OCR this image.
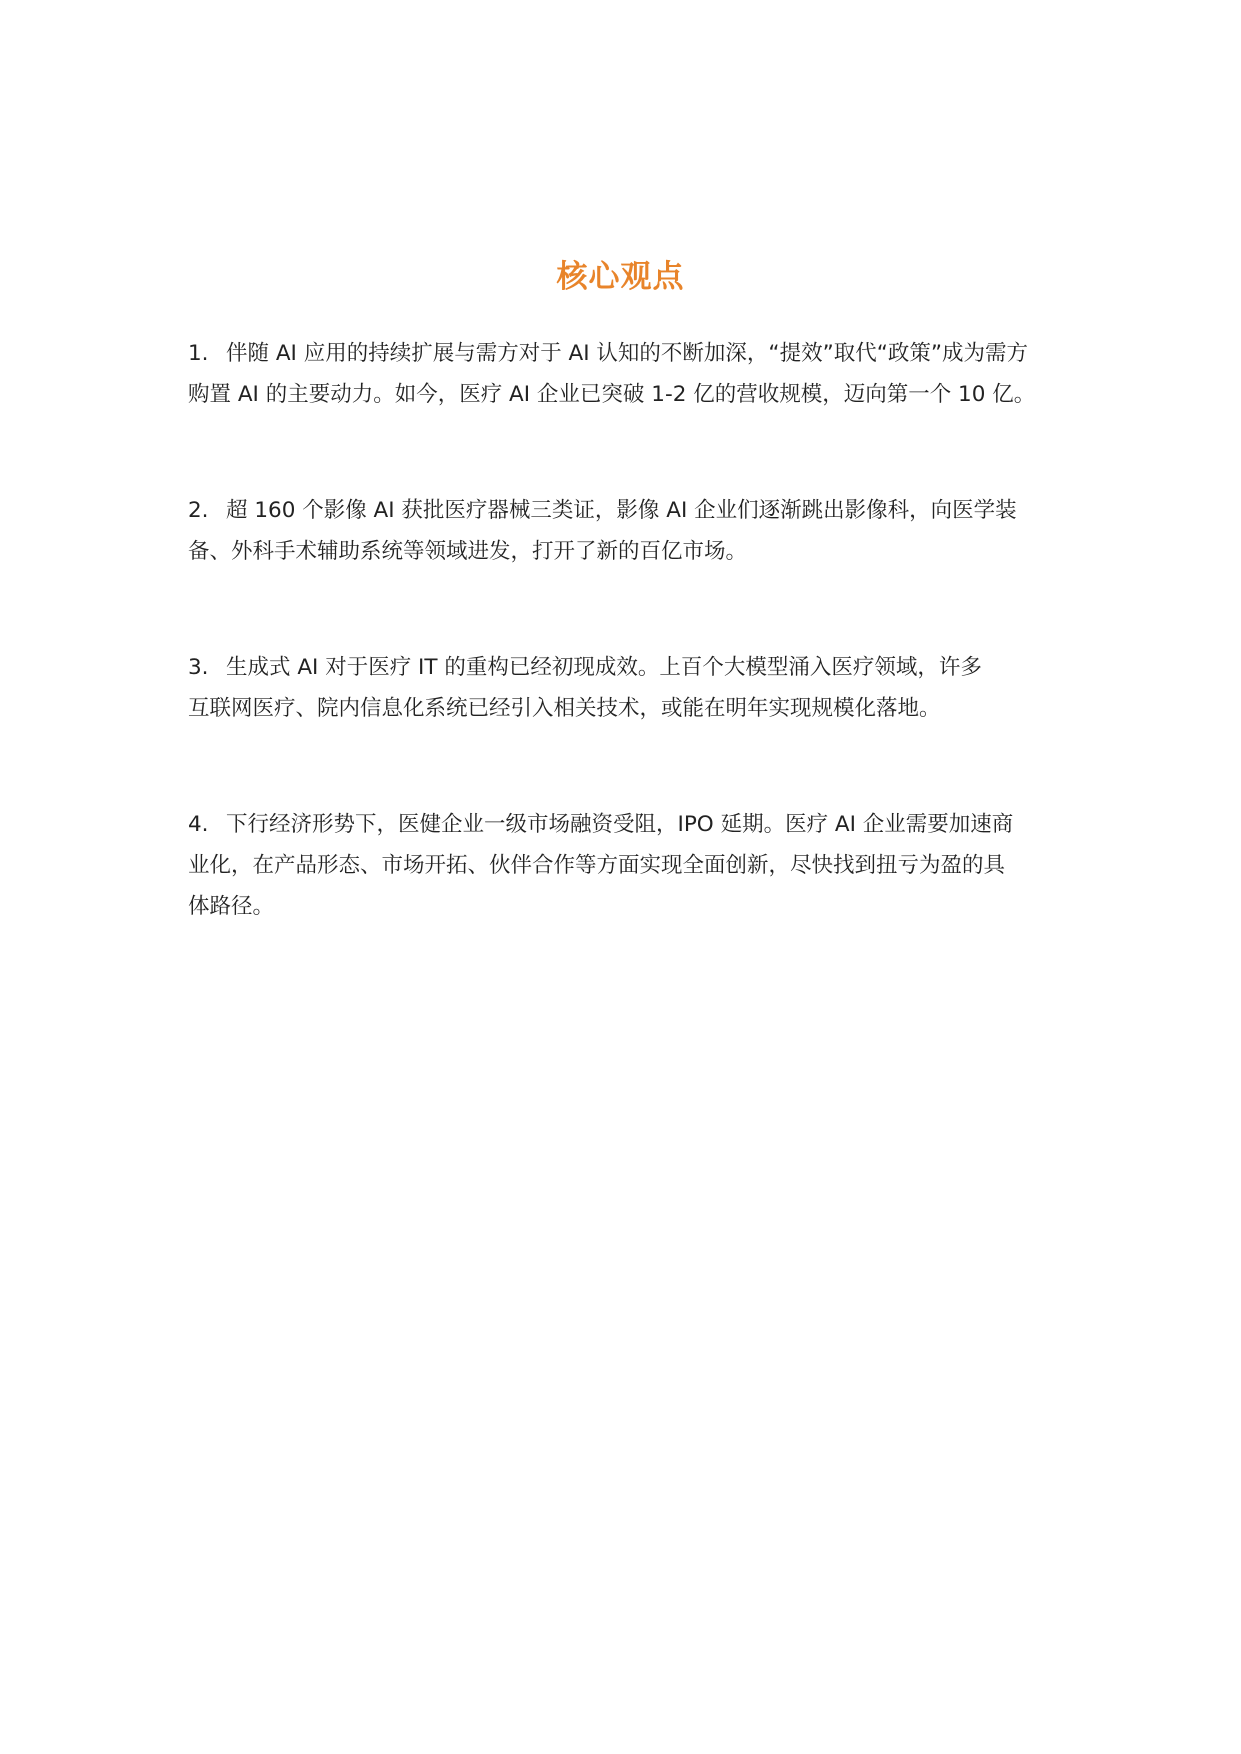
核心观点
1. 伴随 AI 应用的持续扩展与需方对于 AI 认知的不断加深，“提效”取代“政策”成为需方
购置 AI 的主要动力。如今，医疗 AI 企业已突破 1-2 亿的营收规模，迈向第一个 10 亿。
2. 超 160 个影像 AI 获批医疗器械三类证，影像 AI 企业们逐渐跳出影像科，向医学装
备、外科手术辅助系统等领域进发，打开了新的百亿市场。
3. 生成式 AI 对于医疗 IT 的重构已经初现成效。上百个大模型涌入医疗领域，许多
互联网医疗、院内信息化系统已经引入相关技术，或能在明年实现规模化落地。
4. 下行经济形势下，医健企业一级市场融资受阻，IPO 延期。医疗 AI 企业需要加速商
业化，在产品形态、市场开拓、伙伴合作等方面实现全面创新，尽快找到扭亏为盈的具
体路径。
